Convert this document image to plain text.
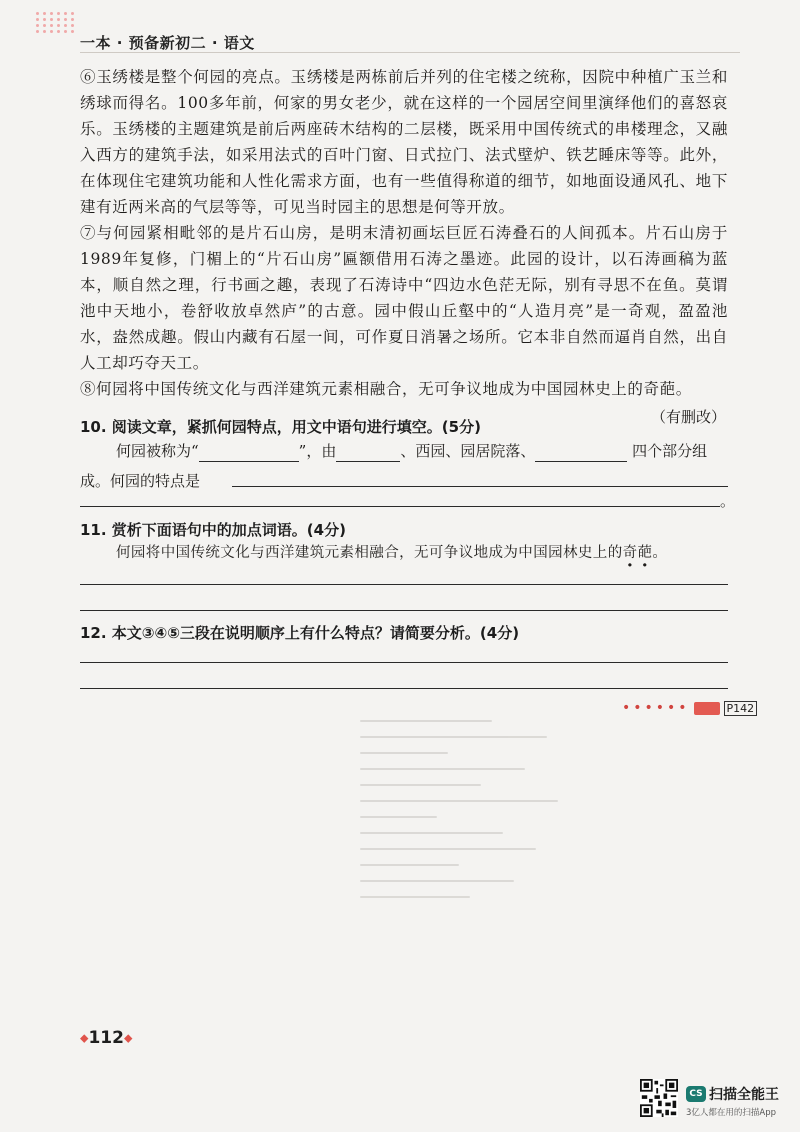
一本 · 预备新初二 · 语文

⑥玉绣楼是整个何园的亮点。玉绣楼是两栋前后并列的住宅楼之统称，因院中种植广玉兰和绣球而得名。100多年前，何家的男女老少，就在这样的一个园居空间里演绎他们的喜怒哀乐。玉绣楼的主题建筑是前后两座砖木结构的二层楼，既采用中国传统式的串楼理念，又融入西方的建筑手法，如采用法式的百叶门窗、日式拉门、法式壁炉、铁艺睡床等等。此外，在体现住宅建筑功能和人性化需求方面，也有一些值得称道的细节，如地面设通风孔、地下建有近两米高的气层等等，可见当时园主的思想是何等开放。

⑦与何园紧相毗邻的是片石山房，是明末清初画坛巨匠石涛叠石的人间孤本。片石山房于1989年复修，门楣上的“片石山房”匾额借用石涛之墨迹。此园的设计，以石涛画稿为蓝本，顺自然之理，行书画之趣，表现了石涛诗中“四边水色茫无际，别有寻思不在鱼。莫谓池中天地小，卷舒收放卓然庐”的古意。园中假山丘壑中的“人造月亮”是一奇观，盈盈池水，盎然成趣。假山内藏有石屋一间，可作夏日消暑之场所。它本非自然而逼肖自然，出自人工却巧夺天工。

⑧何园将中国传统文化与西洋建筑元素相融合，无可争议地成为中国园林史上的奇葩。

（有删改）
10. 阅读文章，紧抓何园特点，用文中语句进行填空。(5分)
何园被称为“	”，由	、西园、园居院落、	四个部分组
成。何园的特点是
。
11. 赏析下面语句中的加点词语。(4分)
何园将中国传统文化与西洋建筑元素相融合，无可争议地成为中国园林史上的奇葩。
12. 本文③④⑤三段在说明顺序上有什么特点？请简要分析。(4分)
••••••	P142
◆112◆
CS 扫描全能王
3亿人都在用的扫描App
